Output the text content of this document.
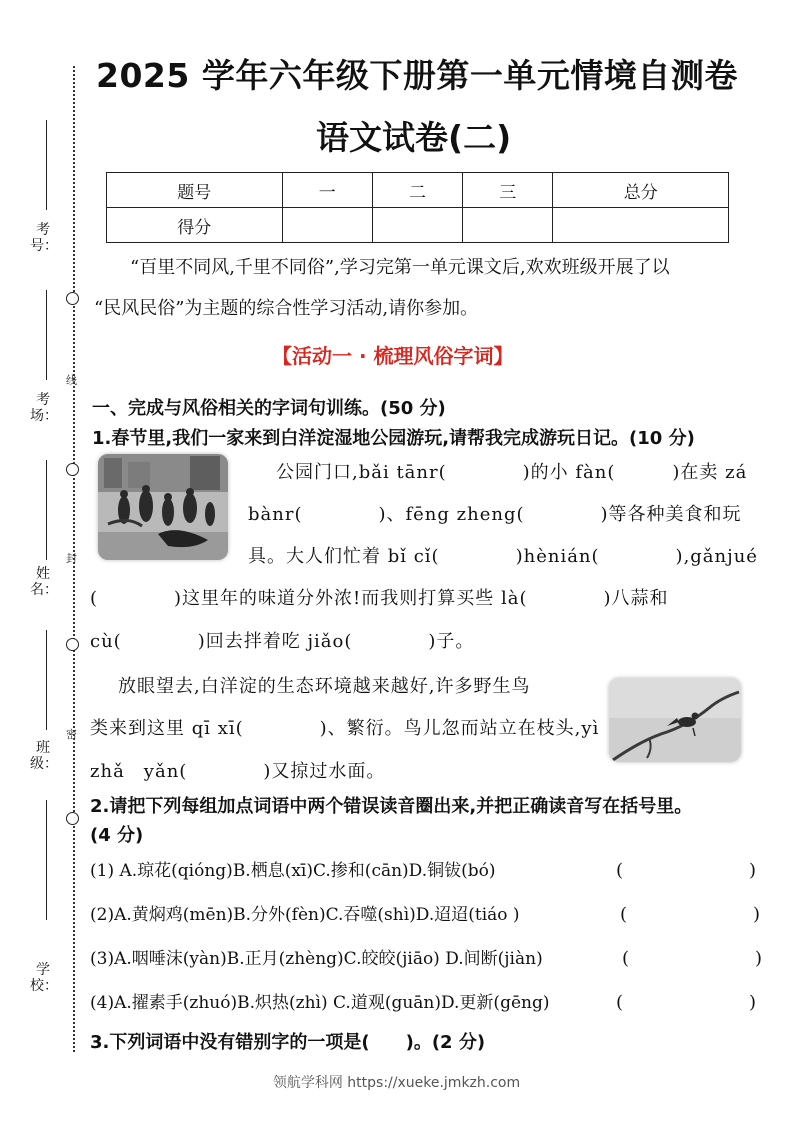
考号：
考场：
姓名：
班级：
学校：
线
封
密
2025 学年六年级下册第一单元情境自测卷
语文试卷(二)
题号	一	二	三	总分
得分				
“百里不同风,千里不同俗”,学习完第一单元课文后,欢欢班级开展了以
“民风民俗”为主题的综合性学习活动,请你参加。
【活动一 · 梳理风俗字词】
一、完成与风俗相关的字词句训练。(50 分)
1.春节里,我们一家来到白洋淀湿地公园游玩,请帮我完成游玩日记。(10 分)
公园门口,bǎi tānr(　　　　)的小 fàn(　　　)在卖 zá
bànr(　　　　)、fēng zheng(　　　　)等各种美食和玩
具。大人们忙着 bǐ cǐ(　　　　)hènián(　　　　),gǎnjué
(　　　　)这里年的味道分外浓!而我则打算买些 là(　　　　)八蒜和
cù(　　　　)回去拌着吃 jiǎo(　　　　)子。
放眼望去,白洋淀的生态环境越来越好,许多野生鸟
类来到这里 qī xī(　　　　)、繁衍。鸟儿忽而站立在枝头,yì
zhǎ　yǎn(　　　　)又掠过水面。
2.请把下列每组加点词语中两个错误读音圈出来,并把正确读音写在括号里。
(4 分)
(1) A.琼花(qióng)B.栖息(xī)C.掺和(cān)D.铜钹(bó)	(　　　　　　　)
(2)A.黄焖鸡(mēn)B.分外(fèn)C.吞噬(shì)D.迢迢(tiáo )	(　　　　　　　)
(3)A.咽唾沫(yàn)B.正月(zhèng)C.皎皎(jiāo) D.间断(jiàn)	(　　　　　　　)
(4)A.擢素手(zhuó)B.炽热(zhì) C.道观(guān)D.更新(gēng)	(　　　　　　　)
3.下列词语中没有错别字的一项是(　　)。(2 分)
领航学科网 https://xueke.jmkzh.com
